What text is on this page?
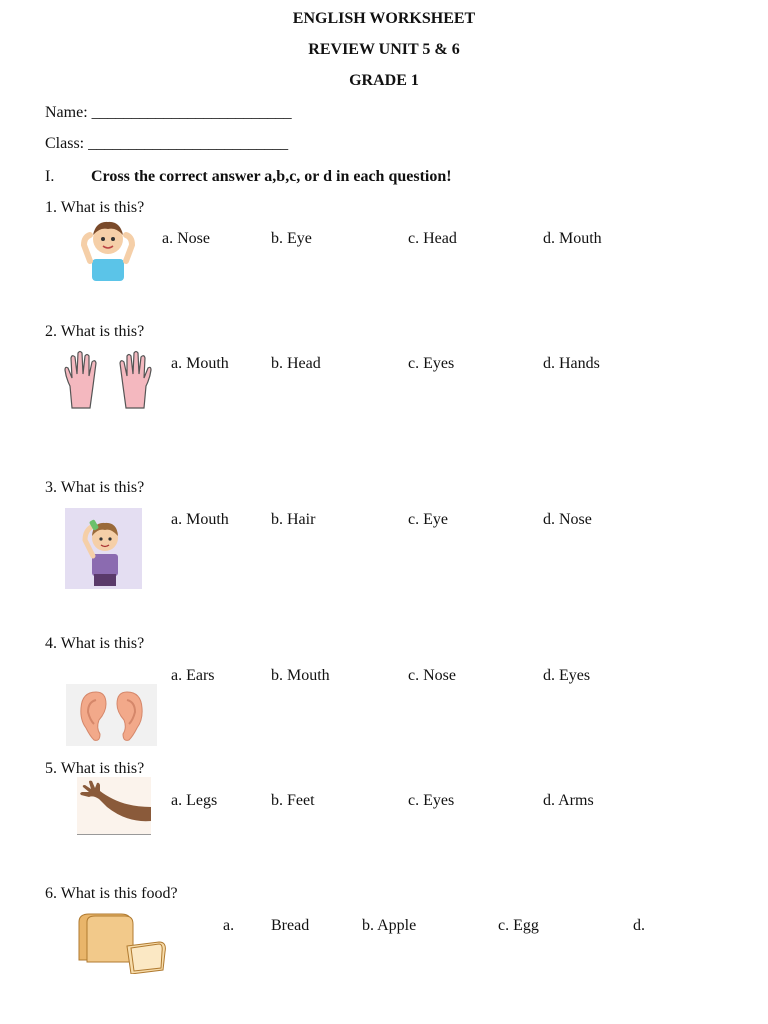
ENGLISH WORKSHEET
REVIEW UNIT 5 & 6
GRADE 1
Name: _________________________
Class: _________________________
I. Cross the correct answer a,b,c, or d in each question!
1. What is this?
a. Nose	b. Eye	c. Head	d. Mouth
2. What is this?
a. Mouth	b. Head	c. Eyes	d. Hands
3. What is this?
a. Mouth	b. Hair	c. Eye	d. Nose
4. What is this?
a. Ears	b. Mouth	c. Nose	d. Eyes
5. What is this?
a. Legs	b. Feet	c. Eyes	d. Arms
6. What is this food?
a. Bread	b. Apple	c. Egg	d.
